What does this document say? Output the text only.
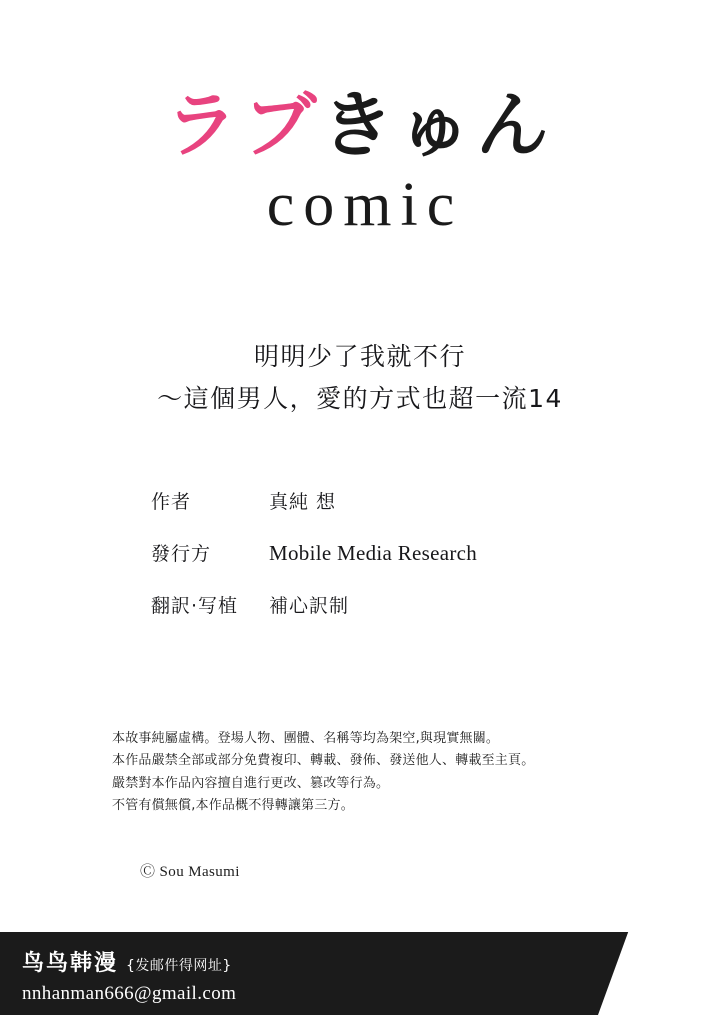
ラブきゅん
comic
明明少了我就不行
～這個男人，愛的方式也超一流14
作者	真純 想
發行方	Mobile Media Research
翻訳·写植	補心訳制
本故事純屬虛構。登場人物、團體、名稱等均為架空,與現實無關。
本作品嚴禁全部或部分免費複印、轉載、發佈、發送他人、轉載至主頁。
嚴禁對本作品內容擅自進行更改、篡改等行為。
不管有償無償,本作品概不得轉讓第三方。
Ⓒ Sou Masumi
鸟鸟韩漫 {发邮件得网址}
nnhanman666@gmail.com
